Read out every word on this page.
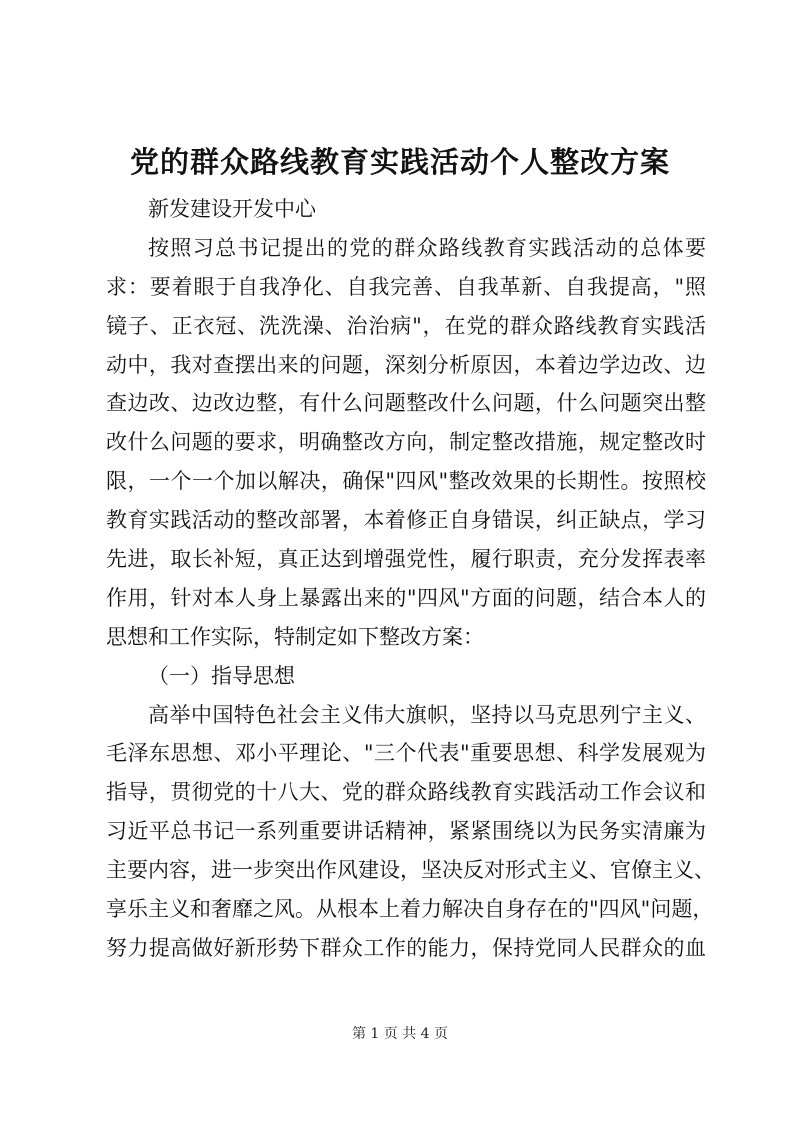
党的群众路线教育实践活动个人整改方案
新发建设开发中心
按照习总书记提出的党的群众路线教育实践活动的总体要
求：要着眼于自我净化、自我完善、自我革新、自我提高，"照
镜子、正衣冠、洗洗澡、治治病"，在党的群众路线教育实践活
动中，我对查摆出来的问题，深刻分析原因，本着边学边改、边
查边改、边改边整，有什么问题整改什么问题，什么问题突出整
改什么问题的要求，明确整改方向，制定整改措施，规定整改时
限，一个一个加以解决，确保"四风"整改效果的长期性。按照校
教育实践活动的整改部署，本着修正自身错误，纠正缺点，学习
先进，取长补短，真正达到增强党性，履行职责，充分发挥表率
作用，针对本人身上暴露出来的"四风"方面的问题，结合本人的
思想和工作实际，特制定如下整改方案：
（一）指导思想
高举中国特色社会主义伟大旗帜，坚持以马克思列宁主义、
毛泽东思想、邓小平理论、"三个代表"重要思想、科学发展观为
指导，贯彻党的十八大、党的群众路线教育实践活动工作会议和
习近平总书记一系列重要讲话精神，紧紧围绕以为民务实清廉为
主要内容，进一步突出作风建设，坚决反对形式主义、官僚主义、
享乐主义和奢靡之风。从根本上着力解决自身存在的"四风"问题，
努力提高做好新形势下群众工作的能力，保持党同人民群众的血
第 1 页 共 4 页
